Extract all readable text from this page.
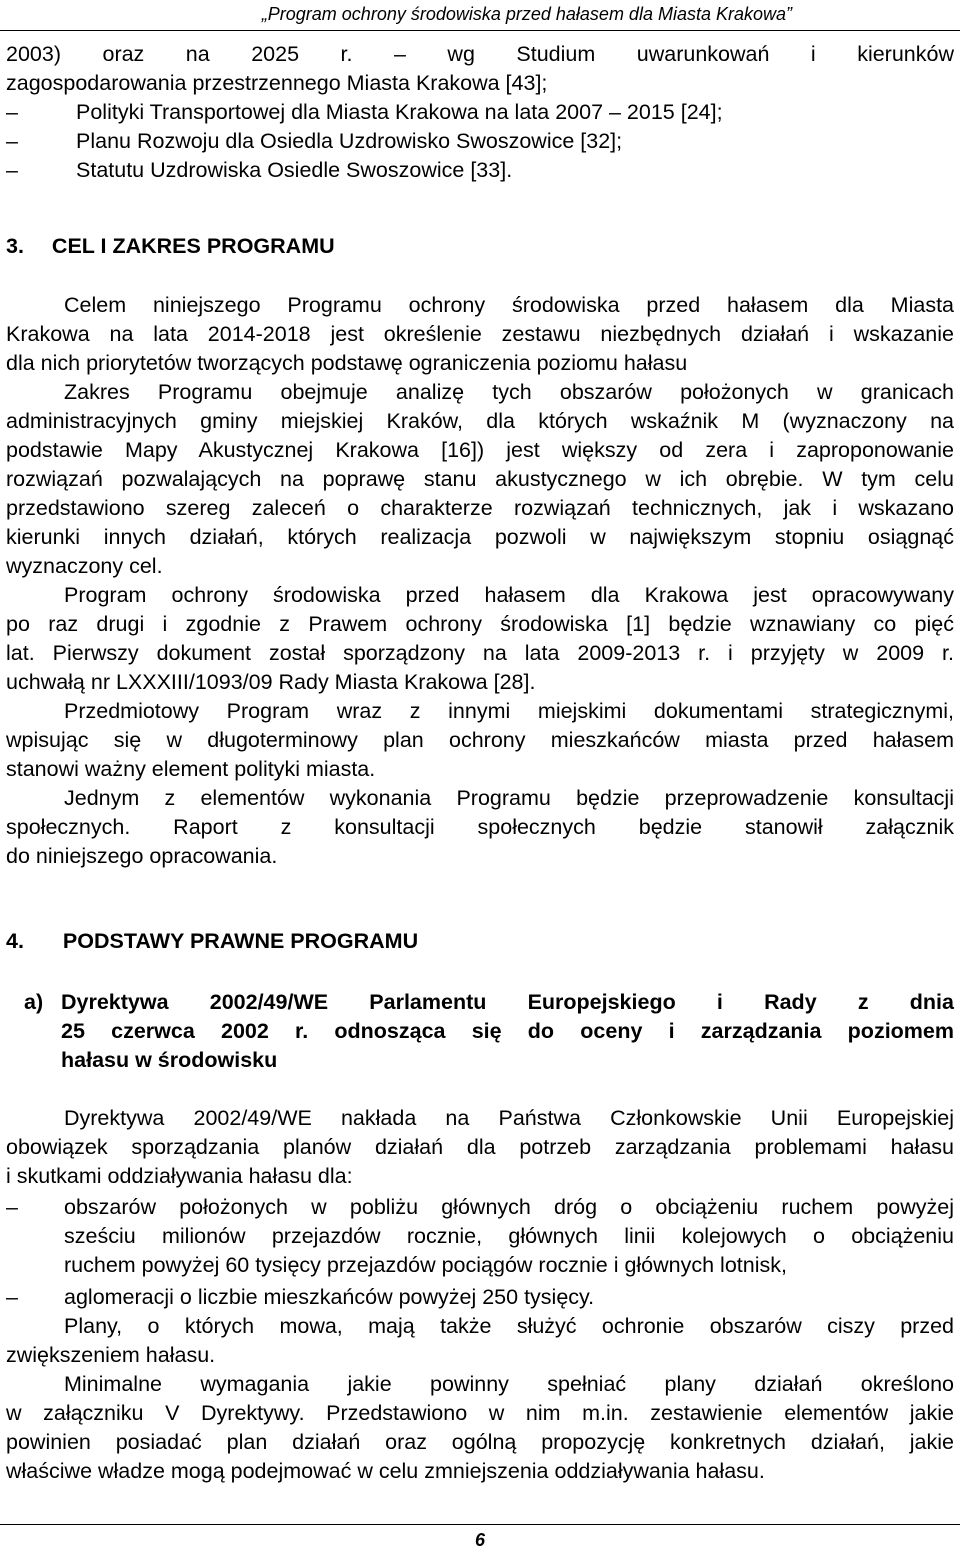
„Program ochrony środowiska przed hałasem dla Miasta Krakowa”
2003) oraz na 2025 r. – wg Studium uwarunkowań i kierunków
zagospodarowania przestrzennego Miasta Krakowa [43];
–	Polityki Transportowej dla Miasta Krakowa na lata 2007 – 2015 [24];
–	Planu Rozwoju dla Osiedla Uzdrowisko Swoszowice [32];
–	Statutu Uzdrowiska Osiedle Swoszowice [33].
3. CEL I ZAKRES PROGRAMU
Celem niniejszego Programu ochrony środowiska przed hałasem dla Miasta
Krakowa na lata 2014-2018 jest określenie zestawu niezbędnych działań i wskazanie
dla nich priorytetów tworzących podstawę ograniczenia poziomu hałasu
Zakres Programu obejmuje analizę tych obszarów położonych w granicach
administracyjnych gminy miejskiej Kraków, dla których wskaźnik M (wyznaczony na
podstawie Mapy Akustycznej Krakowa [16]) jest większy od zera i zaproponowanie
rozwiązań pozwalających na poprawę stanu akustycznego w ich obrębie. W tym celu
przedstawiono szereg zaleceń o charakterze rozwiązań technicznych, jak i wskazano
kierunki innych działań, których realizacja pozwoli w największym stopniu osiągnąć
wyznaczony cel.
Program ochrony środowiska przed hałasem dla Krakowa jest opracowywany
po raz drugi i zgodnie z Prawem ochrony środowiska [1] będzie wznawiany co pięć
lat. Pierwszy dokument został sporządzony na lata 2009-2013 r. i przyjęty w 2009 r.
uchwałą nr LXXXIII/1093/09 Rady Miasta Krakowa [28].
Przedmiotowy Program wraz z innymi miejskimi dokumentami strategicznymi,
wpisując się w długoterminowy plan ochrony mieszkańców miasta przed hałasem
stanowi ważny element polityki miasta.
Jednym z elementów wykonania Programu będzie przeprowadzenie konsultacji
społecznych. Raport z konsultacji społecznych będzie stanowił załącznik
do niniejszego opracowania.
4. PODSTAWY PRAWNE PROGRAMU
a) Dyrektywa 2002/49/WE Parlamentu Europejskiego i Rady z dnia
25 czerwca 2002 r. odnosząca się do oceny i zarządzania poziomem
hałasu w środowisku
Dyrektywa 2002/49/WE nakłada na Państwa Członkowskie Unii Europejskiej
obowiązek sporządzania planów działań dla potrzeb zarządzania problemami hałasu
i skutkami oddziaływania hałasu dla:
– obszarów położonych w pobliżu głównych dróg o obciążeniu ruchem powyżej
sześciu milionów przejazdów rocznie, głównych linii kolejowych o obciążeniu
ruchem powyżej 60 tysięcy przejazdów pociągów rocznie i głównych lotnisk,
– aglomeracji o liczbie mieszkańców powyżej 250 tysięcy.
Plany, o których mowa, mają także służyć ochronie obszarów ciszy przed
zwiększeniem hałasu.
Minimalne wymagania jakie powinny spełniać plany działań określono
w załączniku V Dyrektywy. Przedstawiono w nim m.in. zestawienie elementów jakie
powinien posiadać plan działań oraz ogólną propozycję konkretnych działań, jakie
właściwe władze mogą podejmować w celu zmniejszenia oddziaływania hałasu.
6
